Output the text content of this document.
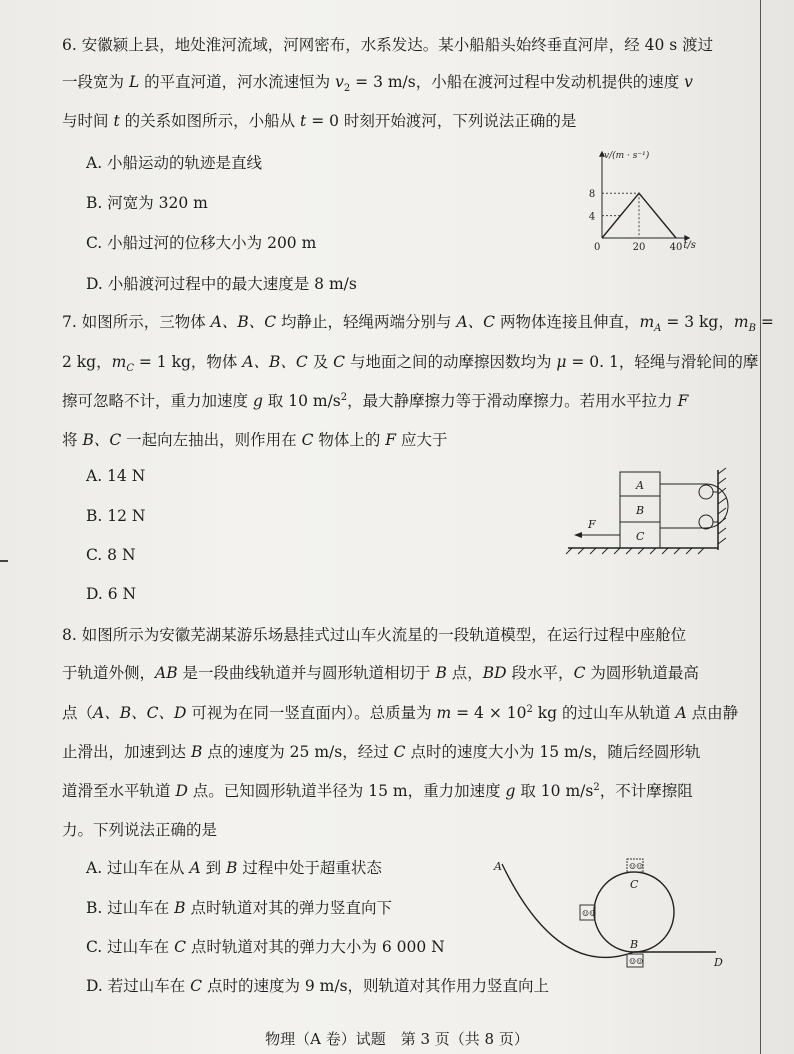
6. 安徽颍上县，地处淮河流域，河网密布，水系发达。某小船船头始终垂直河岸，经 40 s 渡过
一段宽为 L 的平直河道，河水流速恒为 $v_2 = 3$ m/s，小船在渡河过程中发动机提供的速度 v
与时间 t 的关系如图所示，小船从 t = 0 时刻开始渡河，下列说法正确的是
A. 小船运动的轨迹是直线
B. 河宽为 320 m
C. 小船过河的位移大小为 200 m
D. 小船渡河过程中的最大速度是 8 m/s
4
8
20 40
0
v/(m · s⁻¹)
t/s
7. 如图所示，三物体 A、B、C 均静止，轻绳两端分别与 A、C 两物体连接且伸直，$m_A = 3$ kg，$m_B$ =
2 kg，$m_C = 1$ kg，物体 A、B、C 及 C 与地面之间的动摩擦因数均为 μ = 0. 1，轻绳与滑轮间的摩
擦可忽略不计，重力加速度 g 取 10 $m/s^2$，最大静摩擦力等于滑动摩擦力。若用水平拉力 F
将 B、C 一起向左抽出，则作用在 C 物体上的 F 应大于
A. 14 N
B. 12 N
C. 8 N
D. 6 N
A
B
C
F
8. 如图所示为安徽芜湖某游乐场悬挂式过山车火流星的一段轨道模型，在运行过程中座舱位
于轨道外侧，AB 是一段曲线轨道并与圆形轨道相切于 B 点，BD 段水平，C 为圆形轨道最高
点（A、B、C、D 可视为在同一竖直面内）。总质量为 $m = 4 \times 10^2$ kg 的过山车从轨道 A 点由静
止滑出，加速到达 B 点的速度为 25 m/s，经过 C 点时的速度大小为 15 m/s，随后经圆形轨
道滑至水平轨道 D 点。已知圆形轨道半径为 15 m，重力加速度 g 取 10 $m/s^2$，不计摩擦阻
力。下列说法正确的是
A. 过山车在从 A 到 B 过程中处于超重状态
B. 过山车在 B 点时轨道对其的弹力竖直向下
C. 过山车在 C 点时轨道对其的弹力大小为 6 000 N
D. 若过山车在 C 点时的速度为 9 m/s，则轨道对其作用力竖直向上
A
C
B
D
☺☺
☺☺
☺☺
物理（A 卷）试题　第 3 页（共 8 页）
